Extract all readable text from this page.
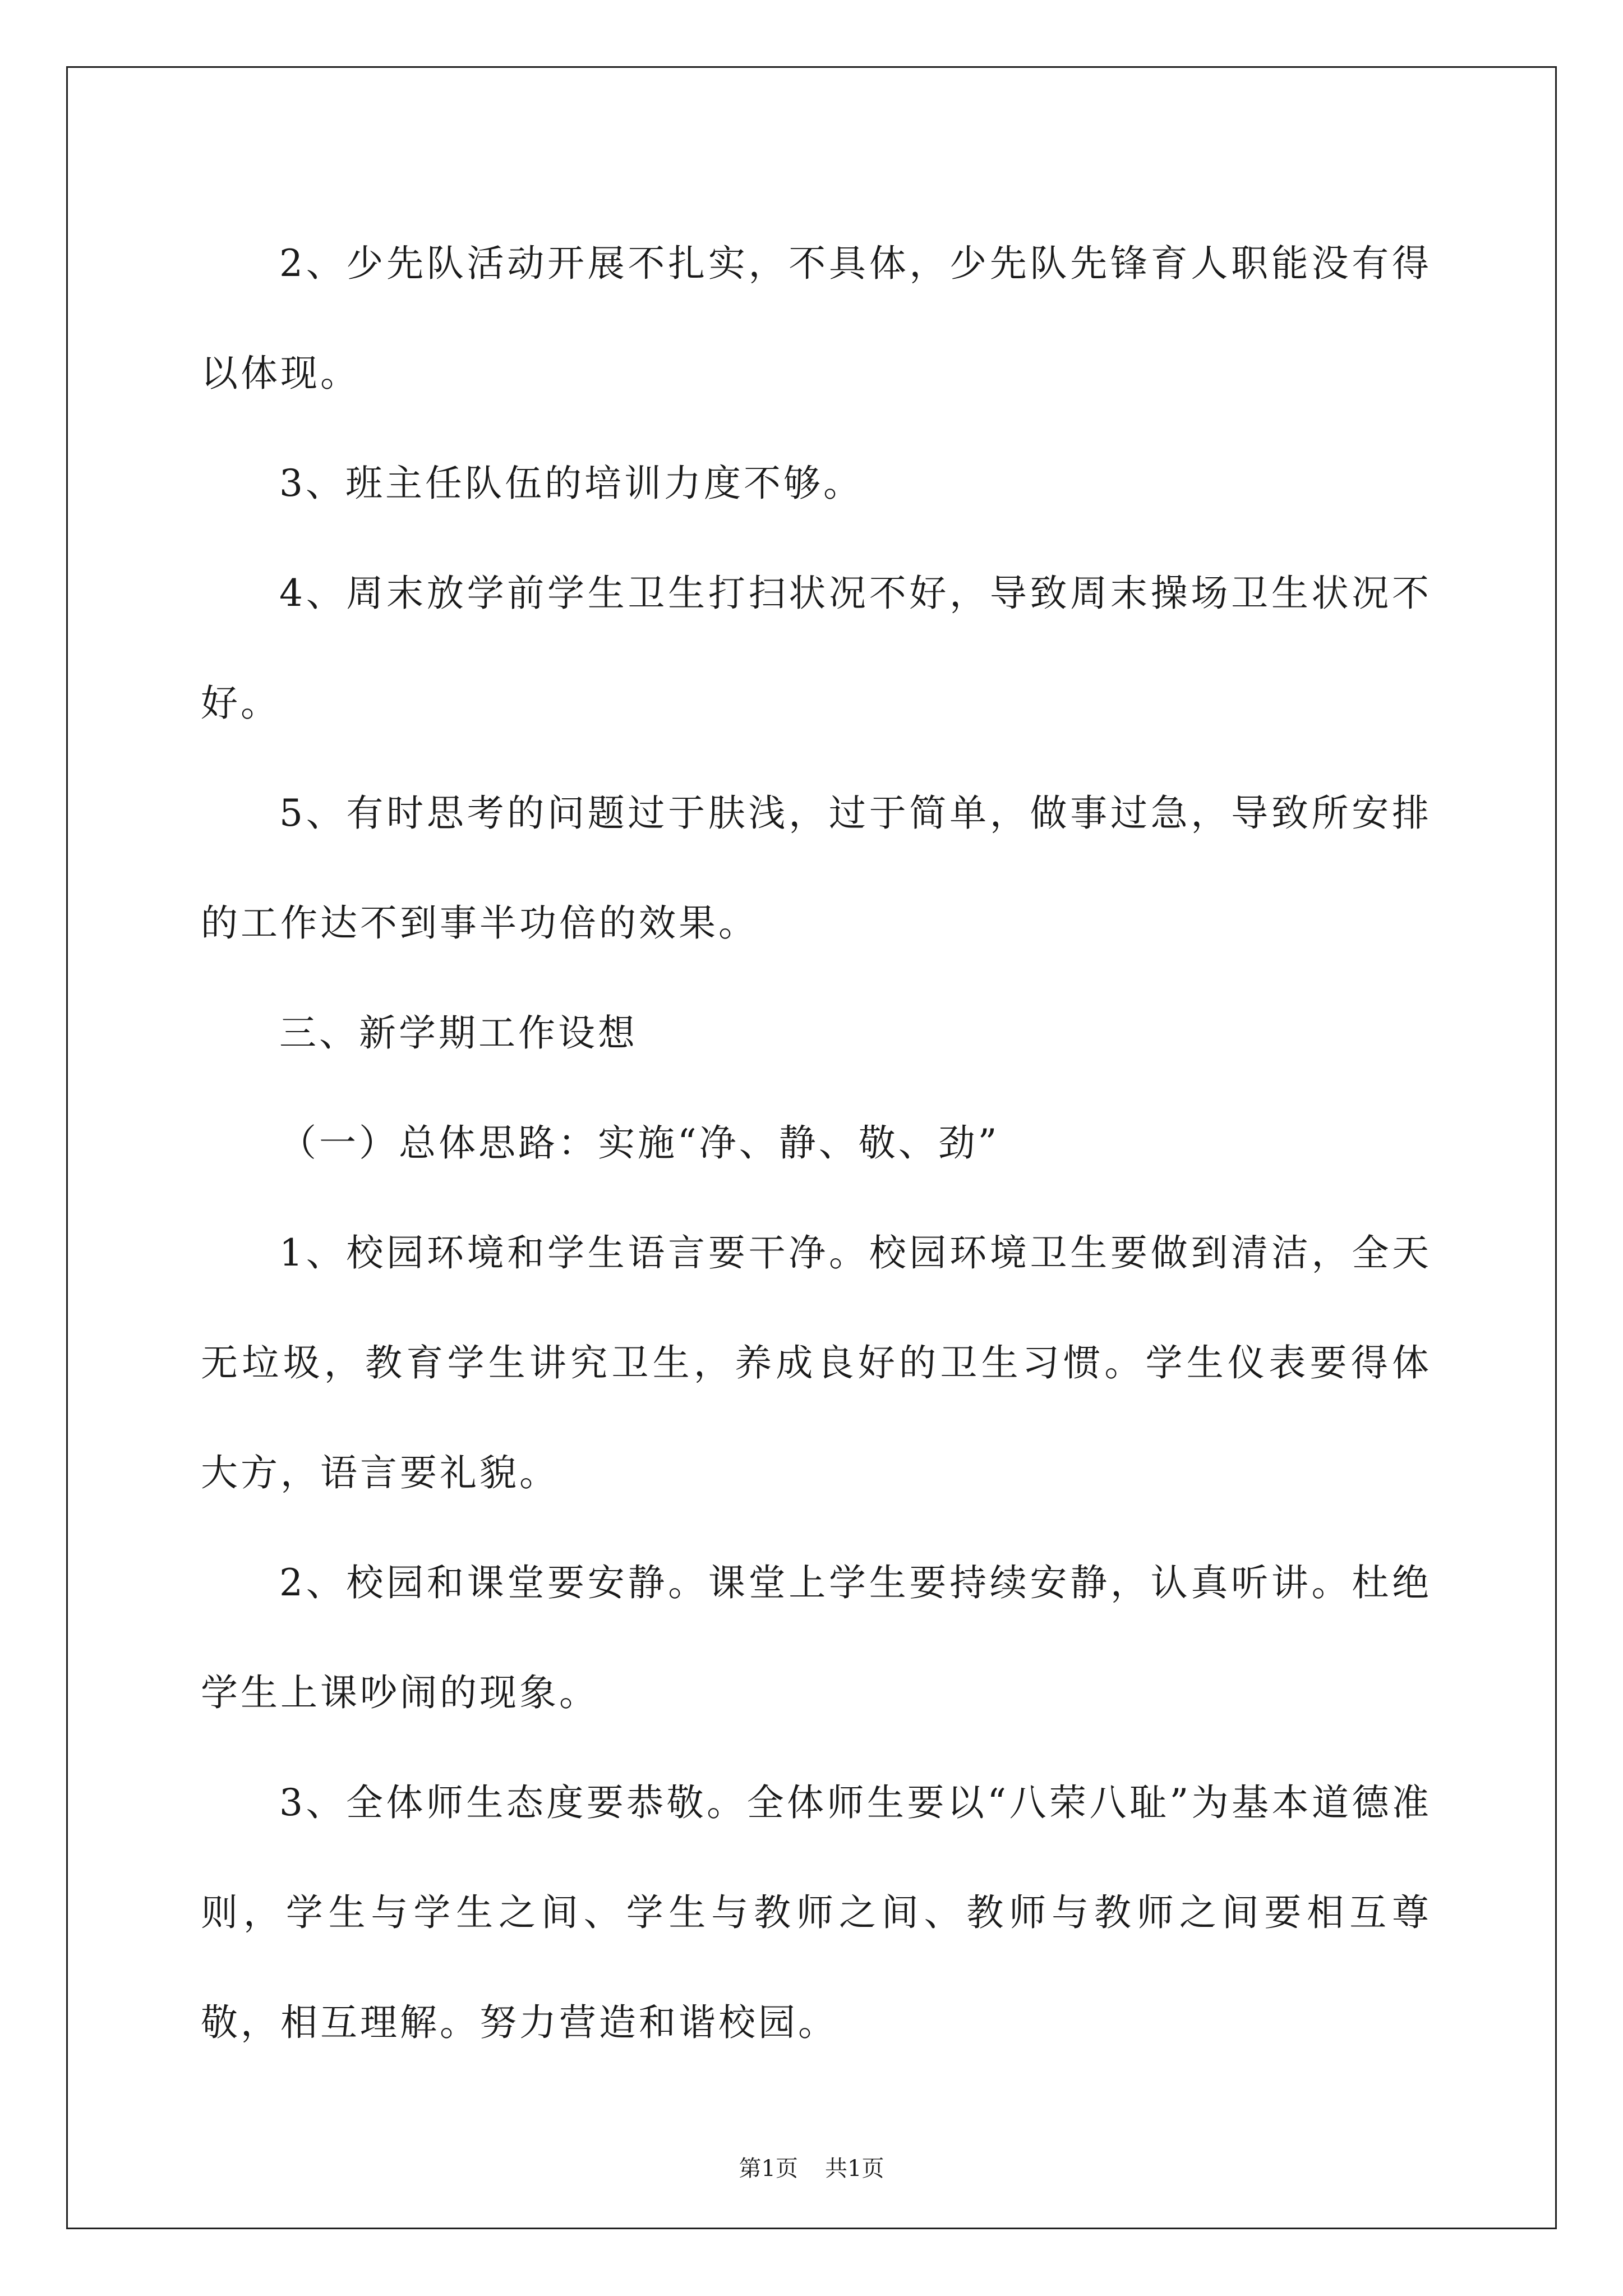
2、少先队活动开展不扎实，不具体，少先队先锋育人职能没有得以体现。

3、班主任队伍的培训力度不够。

4、周末放学前学生卫生打扫状况不好，导致周末操场卫生状况不好。

5、有时思考的问题过于肤浅，过于简单，做事过急，导致所安排的工作达不到事半功倍的效果。

三、新学期工作设想

（一）总体思路：实施“净、静、敬、劲”

1、校园环境和学生语言要干净。校园环境卫生要做到清洁，全天无垃圾，教育学生讲究卫生，养成良好的卫生习惯。学生仪表要得体大方，语言要礼貌。

2、校园和课堂要安静。课堂上学生要持续安静，认真听讲。杜绝学生上课吵闹的现象。

3、全体师生态度要恭敬。全体师生要以“八荣八耻”为基本道德准则，学生与学生之间、学生与教师之间、教师与教师之间要相互尊敬，相互理解。努力营造和谐校园。

第1页 共1页
